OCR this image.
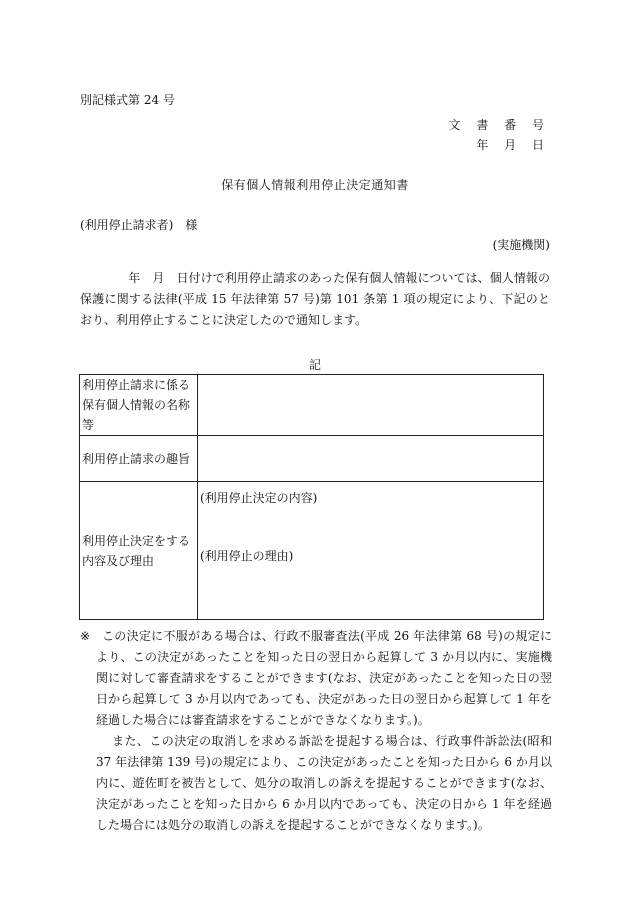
別記様式第 24 号
文 書 番 号
年 月 日
保有個人情報利用停止決定通知書
(利用停止請求者)　様
(実施機関)

　　　　年　月　日付けで利用停止請求のあった保有個人情報については、個人情報の保護に関する法律(平成 15 年法律第 57 号)第 101 条第 1 項の規定により、下記のとおり、利用停止することに決定したので通知します。

記
利用停止請求に係る保有個人情報の名称等	
利用停止請求の趣旨	
利用停止決定をする内容及び理由	(利用停止決定の内容)
(利用停止の理由)
※ この決定に不服がある場合は、行政不服審査法(平成 26 年法律第 68 号)の規定により、この決定があったことを知った日の翌日から起算して 3 か月以内に、実施機関に対して審査請求をすることができます(なお、決定があったことを知った日の翌日から起算して 3 か月以内であっても、決定があった日の翌日から起算して 1 年を経過した場合には審査請求をすることができなくなります。)。

また、この決定の取消しを求める訴訟を提起する場合は、行政事件訴訟法(昭和 37 年法律第 139 号)の規定により、この決定があったことを知った日から 6 か月以内に、遊佐町を被告として、処分の取消しの訴えを提起することができます(なお、決定があったことを知った日から 6 か月以内であっても、決定の日から 1 年を経過した場合には処分の取消しの訴えを提起することができなくなります。)。
